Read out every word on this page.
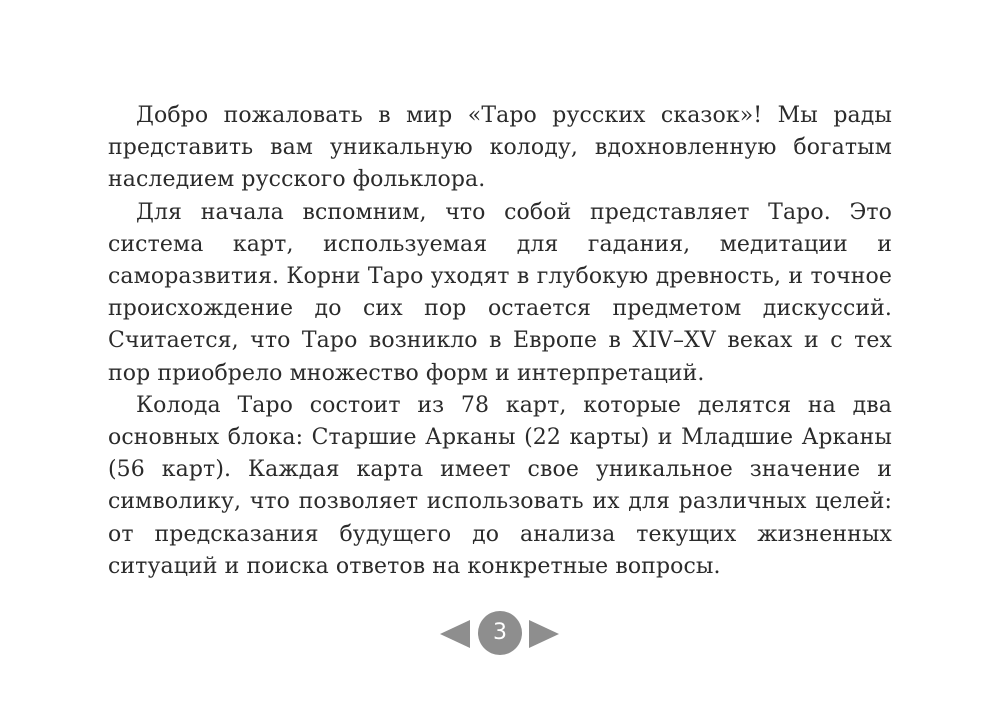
Добро пожаловать в мир «Таро русских сказок»! Мы рады представить вам уникальную колоду, вдохновленную богатым наследием русского фольклора.

Для начала вспомним, что собой представляет Таро. Это система карт, используемая для гадания, медитации и саморазвития. Корни Таро уходят в глубокую древность, и точное происхождение до сих пор остается предметом дискуссий. Считается, что Таро возникло в Европе в XIV–XV веках и с тех пор приобрело множество форм и интерпретаций.

Колода Таро состоит из 78 карт, которые делятся на два основных блока: Старшие Арканы (22 карты) и Младшие Арканы (56 карт). Каждая карта имеет свое уникальное значение и символику, что позволяет использовать их для различных целей: от предсказания будущего до анализа текущих жизненных ситуаций и поиска ответов на конкретные вопросы.

3
